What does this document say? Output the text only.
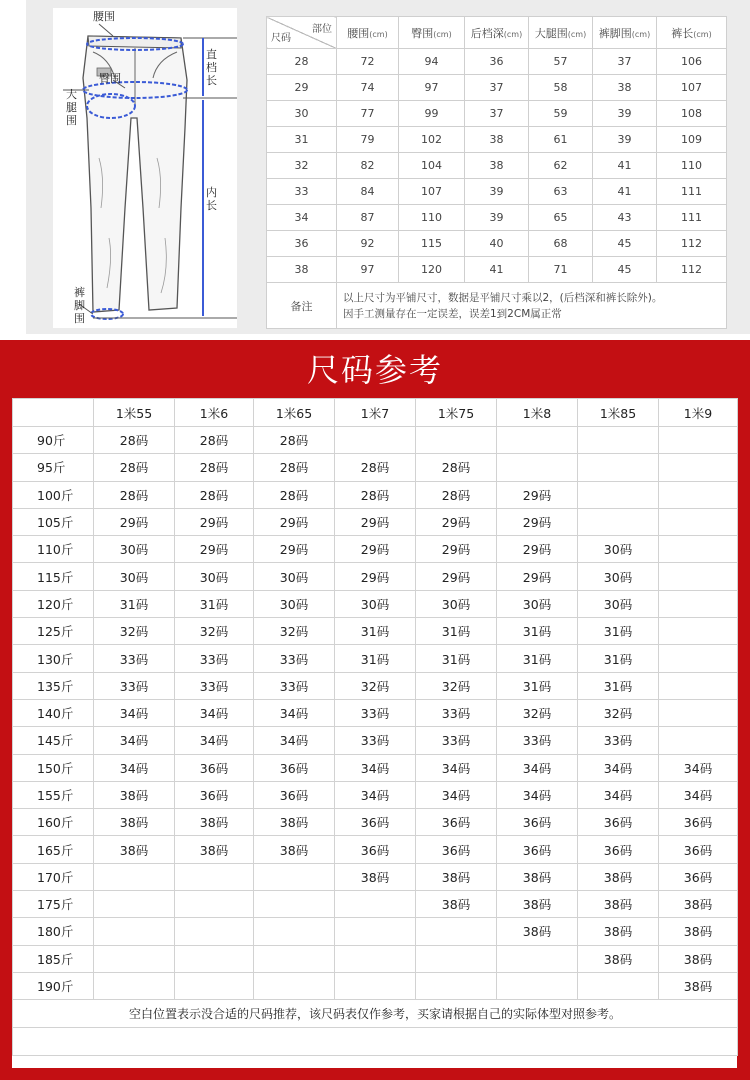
腰围
臀围
直档长
大腿围
内长
裤脚围
部位
尺码	腰围(cm)	臀围(cm)	后档深(cm)	大腿围(cm)	裤脚围(cm)	裤长(cm)
28	72	94	36	57	37	106
29	74	97	37	58	38	107
30	77	99	37	59	39	108
31	79	102	38	61	39	109
32	82	104	38	62	41	110
33	84	107	39	63	41	111
34	87	110	39	65	43	111
36	92	115	40	68	45	112
38	97	120	41	71	45	112
备注	以上尺寸为平铺尺寸，数据是平铺尺寸乘以2，(后档深和裤长除外)。
因手工测量存在一定误差，误差1到2CM属正常					
尺码参考
	1米55	1米6	1米65	1米7	1米75	1米8	1米85	1米9
90斤	28码	28码	28码					
95斤	28码	28码	28码	28码	28码			
100斤	28码	28码	28码	28码	28码	29码		
105斤	29码	29码	29码	29码	29码	29码		
110斤	30码	29码	29码	29码	29码	29码	30码	
115斤	30码	30码	30码	29码	29码	29码	30码	
120斤	31码	31码	30码	30码	30码	30码	30码	
125斤	32码	32码	32码	31码	31码	31码	31码	
130斤	33码	33码	33码	31码	31码	31码	31码	
135斤	33码	33码	33码	32码	32码	31码	31码	
140斤	34码	34码	34码	33码	33码	32码	32码	
145斤	34码	34码	34码	33码	33码	33码	33码	
150斤	34码	36码	36码	34码	34码	34码	34码	34码
155斤	38码	36码	36码	34码	34码	34码	34码	34码
160斤	38码	38码	38码	36码	36码	36码	36码	36码
165斤	38码	38码	38码	36码	36码	36码	36码	36码
170斤				38码	38码	38码	38码	36码
175斤					38码	38码	38码	38码
180斤						38码	38码	38码
185斤							38码	38码
190斤								38码
空白位置表示没合适的尺码推荐，该尺码表仅作参考，买家请根据自己的实际体型对照参考。								
